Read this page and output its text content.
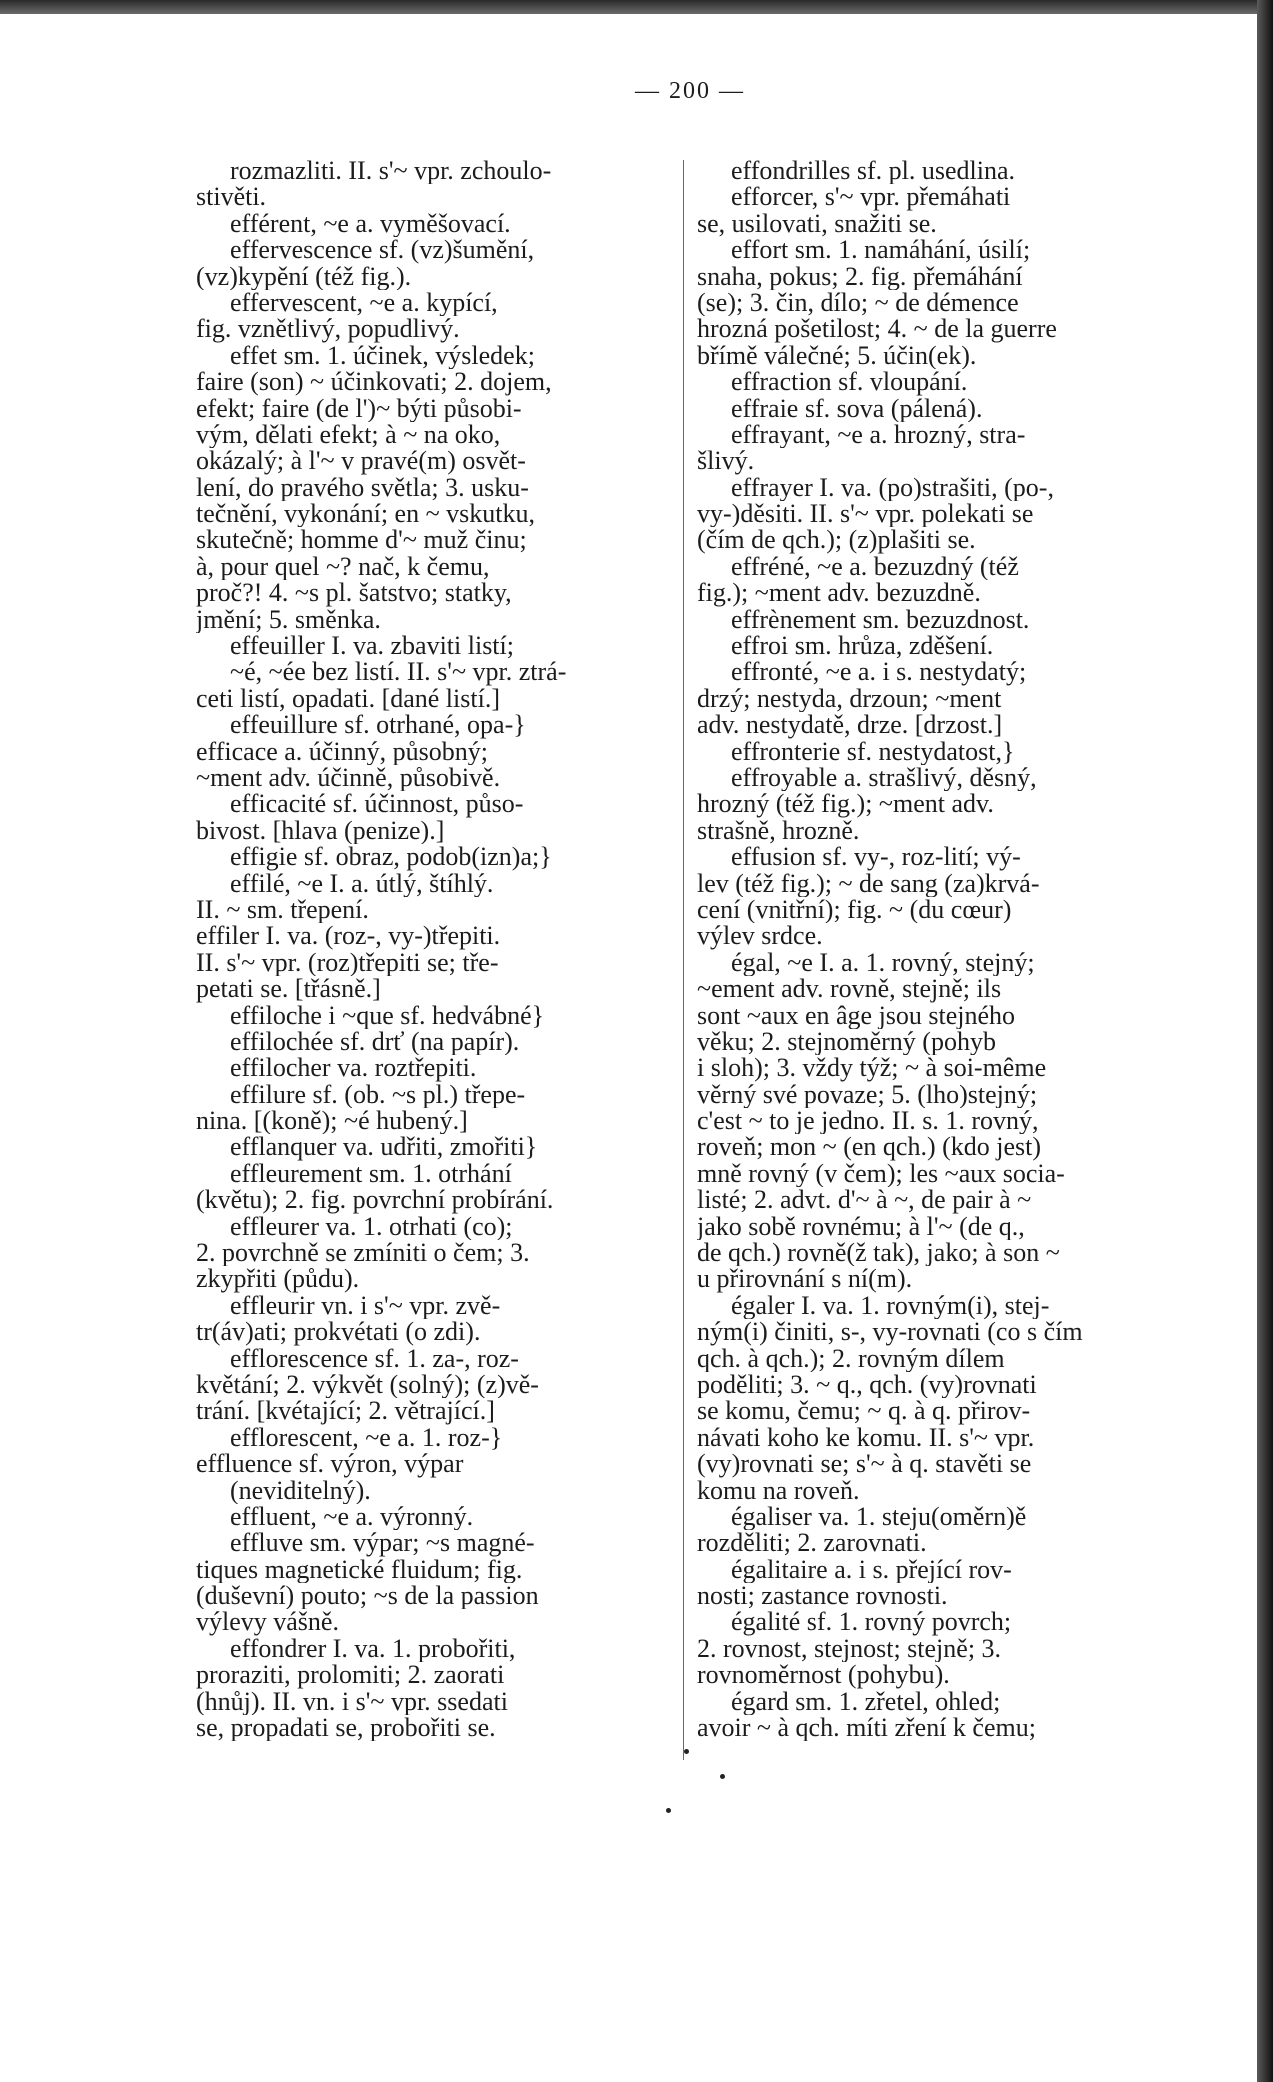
— 200 —
rozmazliti. II. s'~ vpr. zchoulo-
stivěti.
efférent, ~e a. vyměšovací.
effervescence sf. (vz)šumění,
(vz)kypění (též fig.).
effervescent, ~e a. kypící,
fig. vznětlivý, popudlivý.
effet sm. 1. účinek, výsledek;
faire (son) ~ účinkovati; 2. dojem,
efekt; faire (de l')~ býti působi-
vým, dělati efekt; à ~ na oko,
okázalý; à l'~ v pravé(m) osvět-
lení, do pravého světla; 3. usku-
tečnění, vykonání; en ~ vskutku,
skutečně; homme d'~ muž činu;
à, pour quel ~? nač, k čemu,
proč?! 4. ~s pl. šatstvo; statky,
jmění; 5. směnka.
effeuiller I. va. zbaviti listí;
~é, ~ée bez listí. II. s'~ vpr. ztrá-
ceti listí, opadati. [dané listí.]
effeuillure sf. otrhané, opa-}
efficace a. účinný, působný;
~ment adv. účinně, působivě.
efficacité sf. účinnost, půso-
bivost. [hlava (penize).]
effigie sf. obraz, podob(izn)a;}
effilé, ~e I. a. útlý, štíhlý.
II. ~ sm. třepení.
effiler I. va. (roz-, vy-)třepiti.
II. s'~ vpr. (roz)třepiti se; tře-
petati se. [třásně.]
effiloche i ~que sf. hedvábné}
effilochée sf. drť (na papír).
effilocher va. roztřepiti.
effilure sf. (ob. ~s pl.) třepe-
nina. [(koně); ~é hubený.]
efflanquer va. udřiti, zmořiti}
effleurement sm. 1. otrhání
(květu); 2. fig. povrchní probírání.
effleurer va. 1. otrhati (co);
2. povrchně se zmíniti o čem; 3.
zkypřiti (půdu).
effleurir vn. i s'~ vpr. zvě-
tr(áv)ati; prokvétati (o zdi).
efflorescence sf. 1. za-, roz-
květání; 2. výkvět (solný); (z)vě-
trání. [kvétající; 2. větrající.]
efflorescent, ~e a. 1. roz-}
effluence sf. výron, výpar
(neviditelný).
effluent, ~e a. výronný.
effluve sm. výpar; ~s magné-
tiques magnetické fluidum; fig.
(duševní) pouto; ~s de la passion
výlevy vášně.
effondrer I. va. 1. probořiti,
proraziti, prolomiti; 2. zaorati
(hnůj). II. vn. i s'~ vpr. ssedati
se, propadati se, probořiti se.
effondrilles sf. pl. usedlina.
efforcer, s'~ vpr. přemáhati
se, usilovati, snažiti se.
effort sm. 1. namáhání, úsilí;
snaha, pokus; 2. fig. přemáhání
(se); 3. čin, dílo; ~ de démence
hrozná pošetilost; 4. ~ de la guerre
břímě válečné; 5. účin(ek).
effraction sf. vloupání.
effraie sf. sova (pálená).
effrayant, ~e a. hrozný, stra-
šlivý.
effrayer I. va. (po)strašiti, (po-,
vy-)děsiti. II. s'~ vpr. polekati se
(čím de qch.); (z)plašiti se.
effréné, ~e a. bezuzdný (též
fig.); ~ment adv. bezuzdně.
effrènement sm. bezuzdnost.
effroi sm. hrůza, zděšení.
effronté, ~e a. i s. nestydatý;
drzý; nestyda, drzoun; ~ment
adv. nestydatě, drze. [drzost.]
effronterie sf. nestydatost,}
effroyable a. strašlivý, děsný,
hrozný (též fig.); ~ment adv.
strašně, hrozně.
effusion sf. vy-, roz-lití; vý-
lev (též fig.); ~ de sang (za)krvá-
cení (vnitřní); fig. ~ (du cœur)
výlev srdce.
égal, ~e I. a. 1. rovný, stejný;
~ement adv. rovně, stejně; ils
sont ~aux en âge jsou stejného
věku; 2. stejnoměrný (pohyb
i sloh); 3. vždy týž; ~ à soi-même
věrný své povaze; 5. (lho)stejný;
c'est ~ to je jedno. II. s. 1. rovný,
roveň; mon ~ (en qch.) (kdo jest)
mně rovný (v čem); les ~aux socia-
listé; 2. advt. d'~ à ~, de pair à ~
jako sobě rovnému; à l'~ (de q.,
de qch.) rovně(ž tak), jako; à son ~
u přirovnání s ní(m).
égaler I. va. 1. rovným(i), stej-
ným(i) činiti, s-, vy-rovnati (co s čím
qch. à qch.); 2. rovným dílem
poděliti; 3. ~ q., qch. (vy)rovnati
se komu, čemu; ~ q. à q. přirov-
návati koho ke komu. II. s'~ vpr.
(vy)rovnati se; s'~ à q. stavěti se
komu na roveň.
égaliser va. 1. steju(oměrn)ě
rozděliti; 2. zarovnati.
égalitaire a. i s. přející rov-
nosti; zastance rovnosti.
égalité sf. 1. rovný povrch;
2. rovnost, stejnost; stejně; 3.
rovnoměrnost (pohybu).
égard sm. 1. zřetel, ohled;
avoir ~ à qch. míti zření k čemu;
